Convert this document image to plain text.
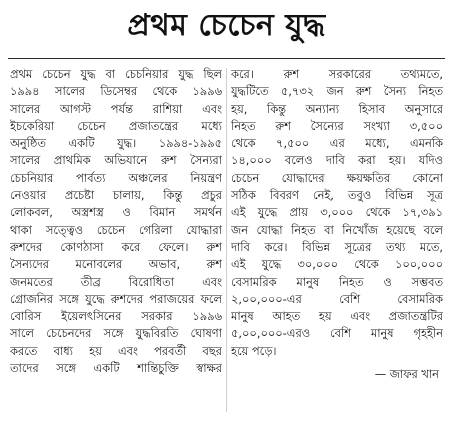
প্রথম চেচেন যুদ্ধ
প্রথম চেচেন যুদ্ধ বা চেচনিয়ার যুদ্ধ ছিল
১৯৯৪ সালের ডিসেম্বর থেকে ১৯৯৬
সালের আগস্ট পর্যন্ত রাশিয়া এবং
ইচকেরিয়া চেচেন প্রজাতন্ত্রের মধ্যে
অনুষ্ঠিত একটি যুদ্ধ। ১৯৯৪-১৯৯৫
সালের প্রাথমিক অভিযানে রুশ সৈন্যরা
চেচনিয়ার পার্বত্য অঞ্চলের নিয়ন্ত্রণ
নেওয়ার প্রচেষ্টা চালায়, কিন্তু প্রচুর
লোকবল, অস্ত্রশস্ত্র ও বিমান সমর্থন
থাকা সত্ত্বেও চেচেন গেরিলা যোদ্ধারা
রুশদের কোণঠাসা করে ফেলে। রুশ
সৈন্যদের মনোবলের অভাব, রুশ
জনমতের তীব্র বিরোধিতা এবং
গ্রোজনির সঙ্গে যুদ্ধে রুশদের পরাজয়ের ফলে
বোরিস ইয়েলৎসিনের সরকার ১৯৯৬
সালে চেচেনদের সঙ্গে যুদ্ধবিরতি ঘোষণা
করতে বাধ্য হয় এবং পরবর্তী বছর
তাদের সঙ্গে একটি শান্তিচুক্তি স্বাক্ষর
করে। রুশ সরকারের তথ্যমতে,
যুদ্ধটিতে ৫,৭৩২ জন রুশ সৈন্য নিহত
হয়, কিন্তু অন্যান্য হিসাব অনুসারে
নিহত রুশ সৈন্যের সংখ্যা ৩,৫০০
থেকে ৭,৫০০ এর মধ্যে, এমনকি
১৪,০০০ বলেও দাবি করা হয়। যদিও
চেচেন যোদ্ধাদের ক্ষয়ক্ষতির কোনো
সঠিক বিবরণ নেই, তবুও বিভিন্ন সূত্র
এই যুদ্ধে প্রায় ৩,০০০ থেকে ১৭,৩৯১
জন যোদ্ধা নিহত বা নিখোঁজ হয়েছে বলে
দাবি করে। বিভিন্ন সূত্রের তথ্য মতে,
এই যুদ্ধে ৩০,০০০ থেকে ১০০,০০০
বেসামরিক মানুষ নিহত ও সম্ভবত
২,০০,০০০-এর বেশি বেসামরিক
মানুষ আহত হয় এবং প্রজাতন্ত্রটির
৫,০০,০০০-এরও বেশি মানুষ গৃহহীন
হয়ে পড়ে।
— জাফর খান
